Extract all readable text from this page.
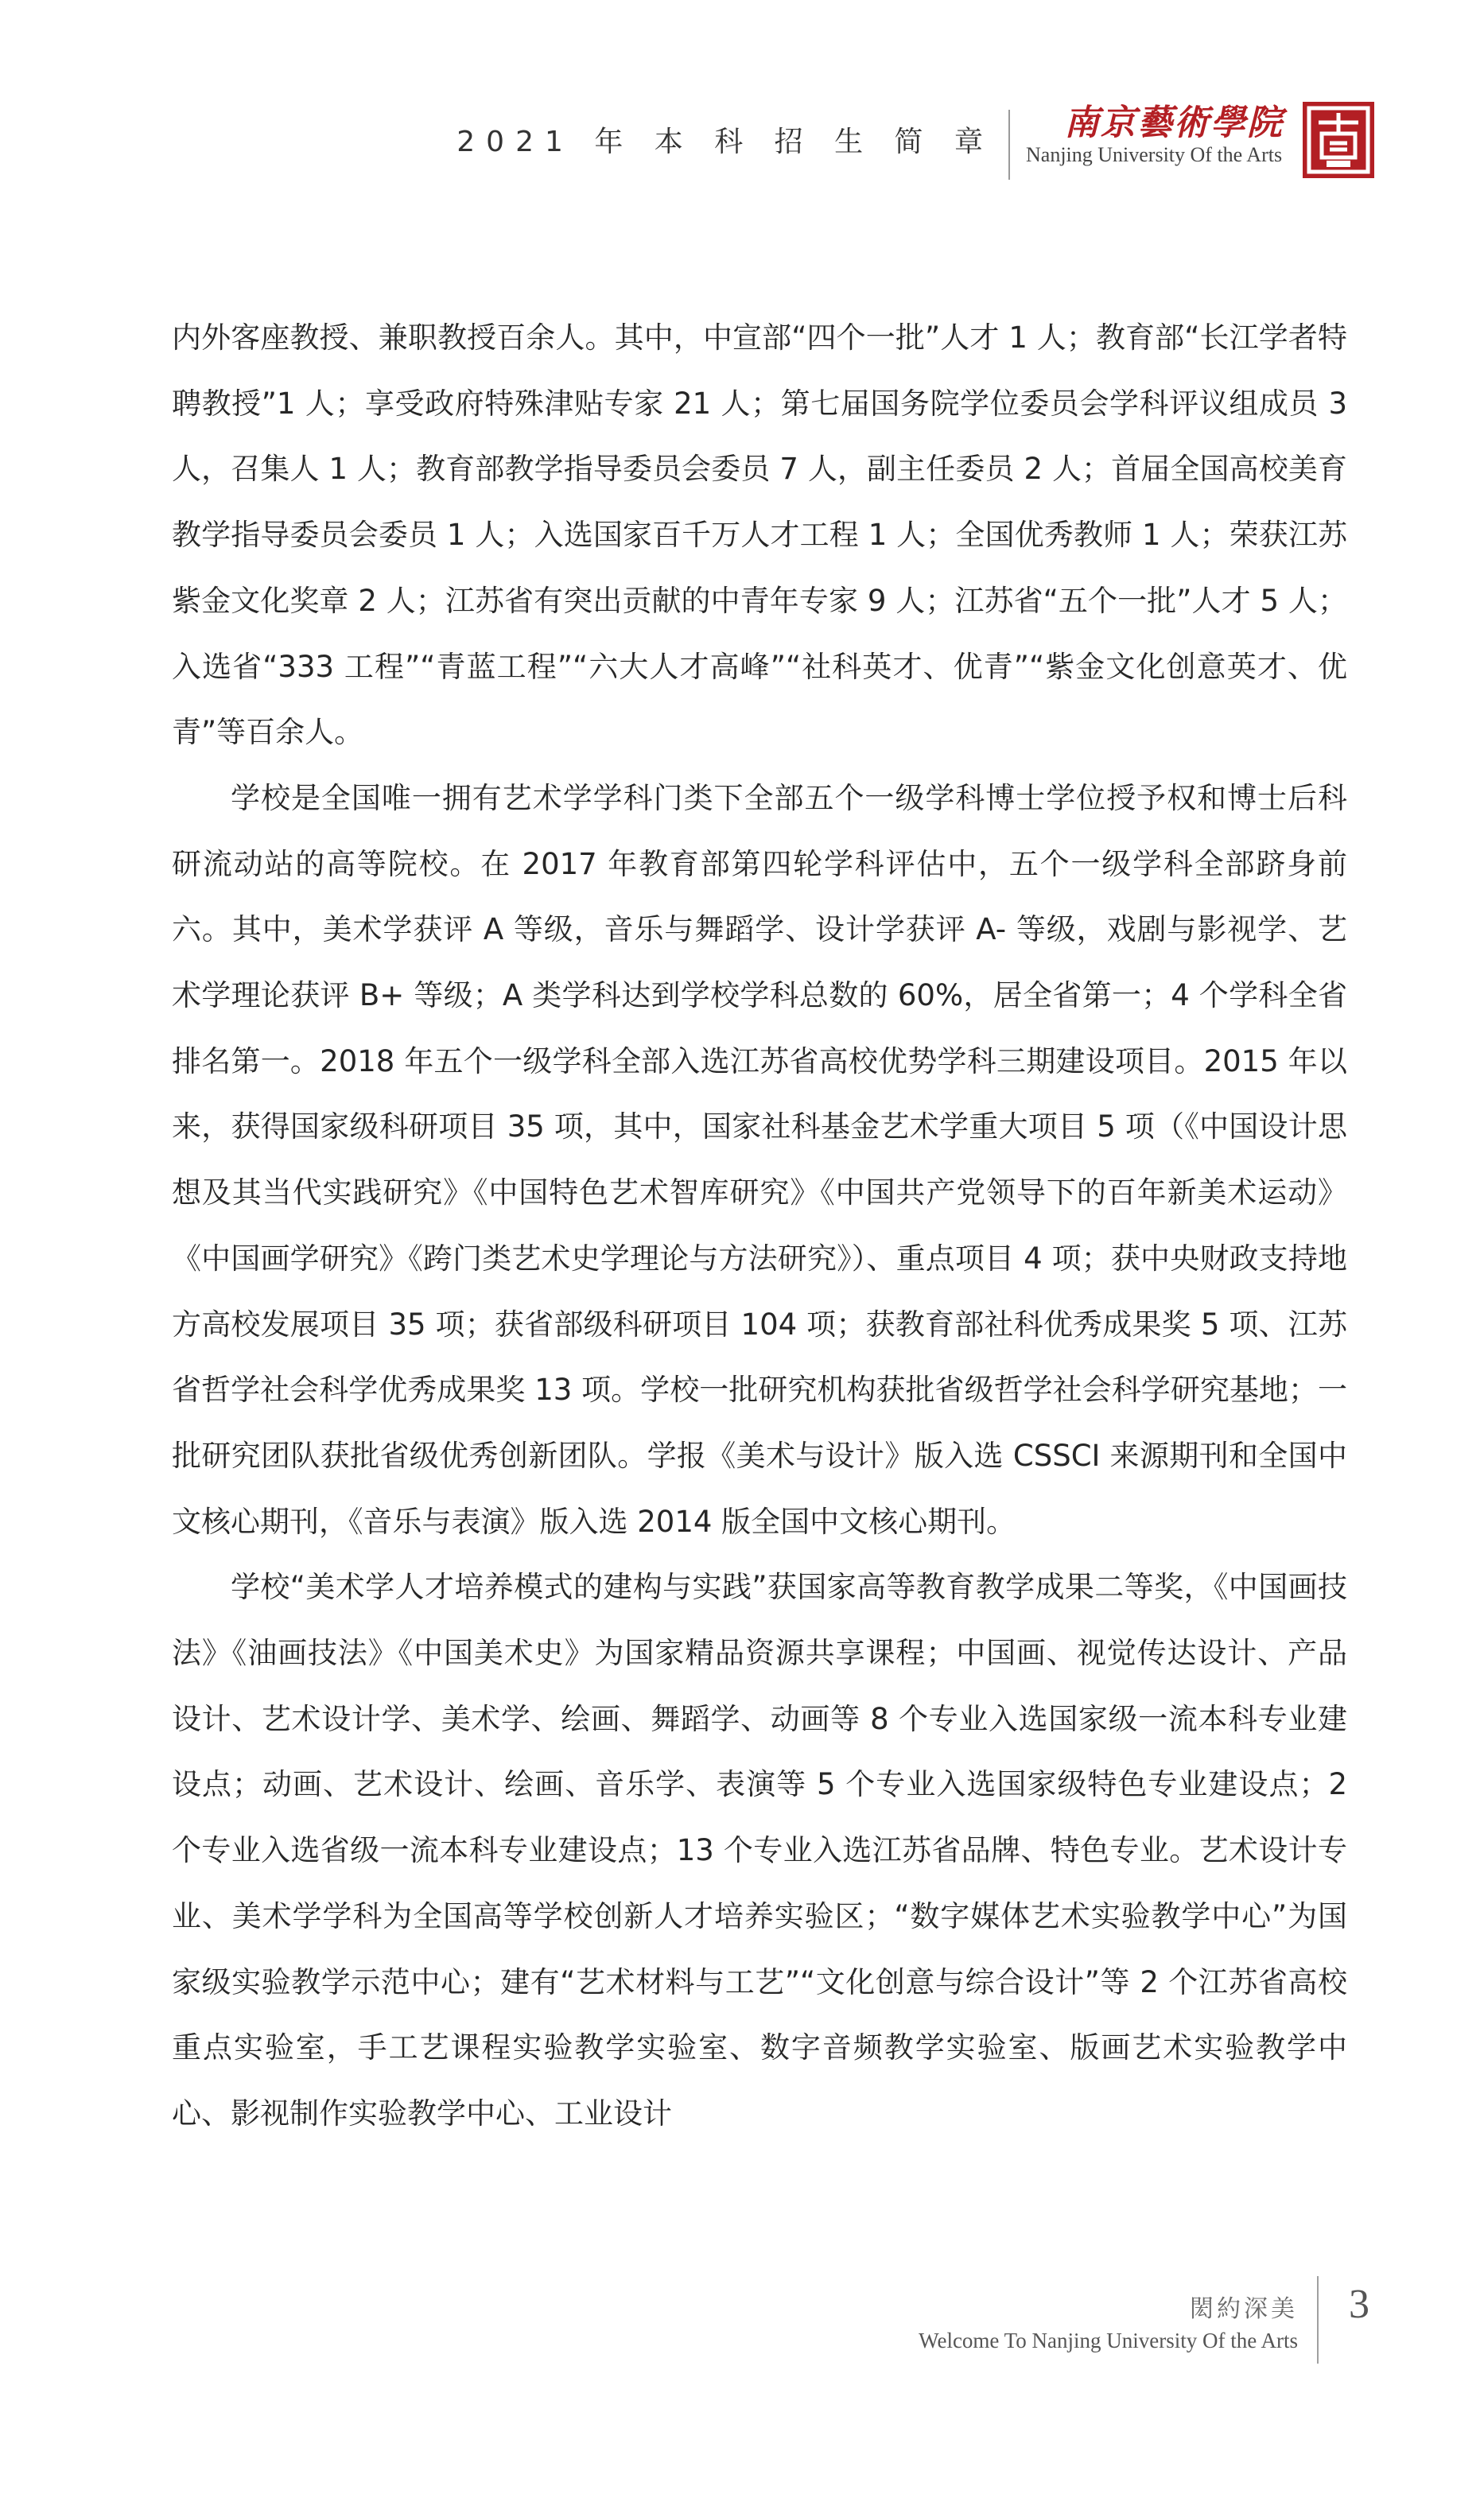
2021 年 本 科 招 生 简 章 南京藝術學院
Nanjing University Of the Arts

内外客座教授、兼职教授百余人。其中，中宣部“四个一批”人才 1 人；教育部“长江学者特聘教授”1 人；享受政府特殊津贴专家 21 人；第七届国务院学位委员会学科评议组成员 3 人，召集人 1 人；教育部教学指导委员会委员 7 人，副主任委员 2 人；首届全国高校美育教学指导委员会委员 1 人；入选国家百千万人才工程 1 人；全国优秀教师 1 人；荣获江苏紫金文化奖章 2 人；江苏省有突出贡献的中青年专家 9 人；江苏省“五个一批”人才 5 人；入选省“333 工程”“青蓝工程”“六大人才高峰”“社科英才、优青”“紫金文化创意英才、优青”等百余人。

学校是全国唯一拥有艺术学学科门类下全部五个一级学科博士学位授予权和博士后科研流动站的高等院校。在 2017 年教育部第四轮学科评估中，五个一级学科全部跻身前六。其中，美术学获评 A 等级，音乐与舞蹈学、设计学获评 A- 等级，戏剧与影视学、艺术学理论获评 B+ 等级；A 类学科达到学校学科总数的 60%，居全省第一；4 个学科全省排名第一。2018 年五个一级学科全部入选江苏省高校优势学科三期建设项目。2015 年以来，获得国家级科研项目 35 项，其中，国家社科基金艺术学重大项目 5 项（《中国设计思想及其当代实践研究》《中国特色艺术智库研究》《中国共产党领导下的百年新美术运动》《中国画学研究》《跨门类艺术史学理论与方法研究》）、重点项目 4 项；获中央财政支持地方高校发展项目 35 项；获省部级科研项目 104 项；获教育部社科优秀成果奖 5 项、江苏省哲学社会科学优秀成果奖 13 项。学校一批研究机构获批省级哲学社会科学研究基地；一批研究团队获批省级优秀创新团队。学报《美术与设计》版入选 CSSCI 来源期刊和全国中文核心期刊，《音乐与表演》版入选 2014 版全国中文核心期刊。

学校“美术学人才培养模式的建构与实践”获国家高等教育教学成果二等奖，《中国画技法》《油画技法》《中国美术史》为国家精品资源共享课程；中国画、视觉传达设计、产品设计、艺术设计学、美术学、绘画、舞蹈学、动画等 8 个专业入选国家级一流本科专业建设点；动画、艺术设计、绘画、音乐学、表演等 5 个专业入选国家级特色专业建设点；2 个专业入选省级一流本科专业建设点；13 个专业入选江苏省品牌、特色专业。艺术设计专业、美术学学科为全国高等学校创新人才培养实验区；“数字媒体艺术实验教学中心”为国家级实验教学示范中心；建有“艺术材料与工艺”“文化创意与综合设计”等 2 个江苏省高校重点实验室，手工艺课程实验教学实验室、数字音频教学实验室、版画艺术实验教学中心、影视制作实验教学中心、工业设计

閎約深美
Welcome To Nanjing University Of the Arts
3
